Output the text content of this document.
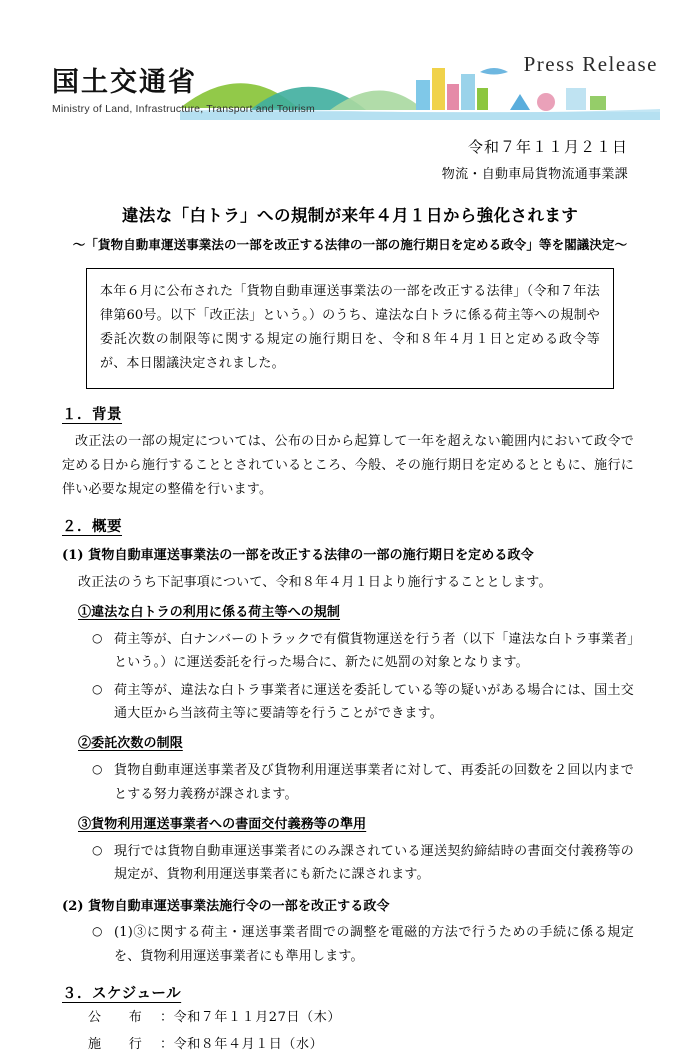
Press Release
国土交通省
Ministry of Land, Infrastructure, Transport and Tourism
令和７年１１月２１日
物流・自動車局貨物流通事業課
違法な「白トラ」への規制が来年４月１日から強化されます
～「貨物自動車運送事業法の一部を改正する法律の一部の施行期日を定める政令」等を閣議決定～
本年６月に公布された「貨物自動車運送事業法の一部を改正する法律」（令和７年法律第60号。以下「改正法」という。）のうち、違法な白トラに係る荷主等への規制や委託次数の制限等に関する規定の施行期日を、令和８年４月１日と定める政令等が、本日閣議決定されました。
１．背景
改正法の一部の規定については、公布の日から起算して一年を超えない範囲内において政令で定める日から施行することとされているところ、今般、その施行期日を定めるとともに、施行に伴い必要な規定の整備を行います。
２．概要
(1) 貨物自動車運送事業法の一部を改正する法律の一部の施行期日を定める政令
改正法のうち下記事項について、令和８年４月１日より施行することとします。
①違法な白トラの利用に係る荷主等への規制
○ 荷主等が、白ナンバーのトラックで有償貨物運送を行う者（以下「違法な白トラ事業者」という。）に運送委託を行った場合に、新たに処罰の対象となります。
○ 荷主等が、違法な白トラ事業者に運送を委託している等の疑いがある場合には、国土交通大臣から当該荷主等に要請等を行うことができます。
②委託次数の制限
○ 貨物自動車運送事業者及び貨物利用運送事業者に対して、再委託の回数を２回以内までとする努力義務が課されます。
③貨物利用運送事業者への書面交付義務等の準用
○ 現行では貨物自動車運送事業者にのみ課されている運送契約締結時の書面交付義務等の規定が、貨物利用運送事業者にも新たに課されます。
(2) 貨物自動車運送事業法施行令の一部を改正する政令
○ (1)③に関する荷主・運送事業者間での調整を電磁的方法で行うための手続に係る規定を、貨物利用運送事業者にも準用します。
３．スケジュール
公　　布 ：令和７年１１月27日（木）
施　　行 ：令和８年４月１日（水）
